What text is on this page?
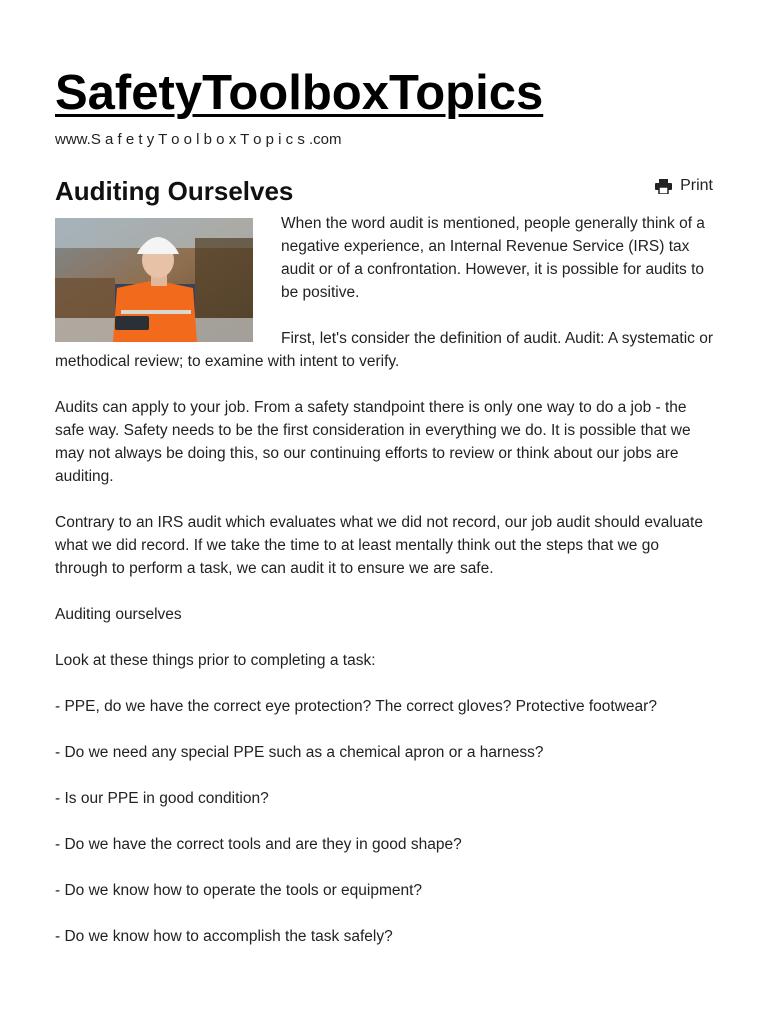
SafetyToolboxTopics
www.S a f e t y T o o l b o x T o p i c s .com
Auditing Ourselves	Print

When the word audit is mentioned, people generally think of a negative experience, an Internal Revenue Service (IRS) tax audit or of a confrontation. However, it is possible for audits to be positive.

First, let's consider the definition of audit. Audit: A systematic or methodical review; to examine with intent to verify.

Audits can apply to your job. From a safety standpoint there is only one way to do a job - the safe way. Safety needs to be the first consideration in everything we do. It is possible that we may not always be doing this, so our continuing efforts to review or think about our jobs are auditing.

Contrary to an IRS audit which evaluates what we did not record, our job audit should evaluate what we did record. If we take the time to at least mentally think out the steps that we go through to perform a task, we can audit it to ensure we are safe.

Auditing ourselves

Look at these things prior to completing a task:

- PPE, do we have the correct eye protection? The correct gloves? Protective footwear?

- Do we need any special PPE such as a chemical apron or a harness?

- Is our PPE in good condition?

- Do we have the correct tools and are they in good shape?

- Do we know how to operate the tools or equipment?

- Do we know how to accomplish the task safely?
